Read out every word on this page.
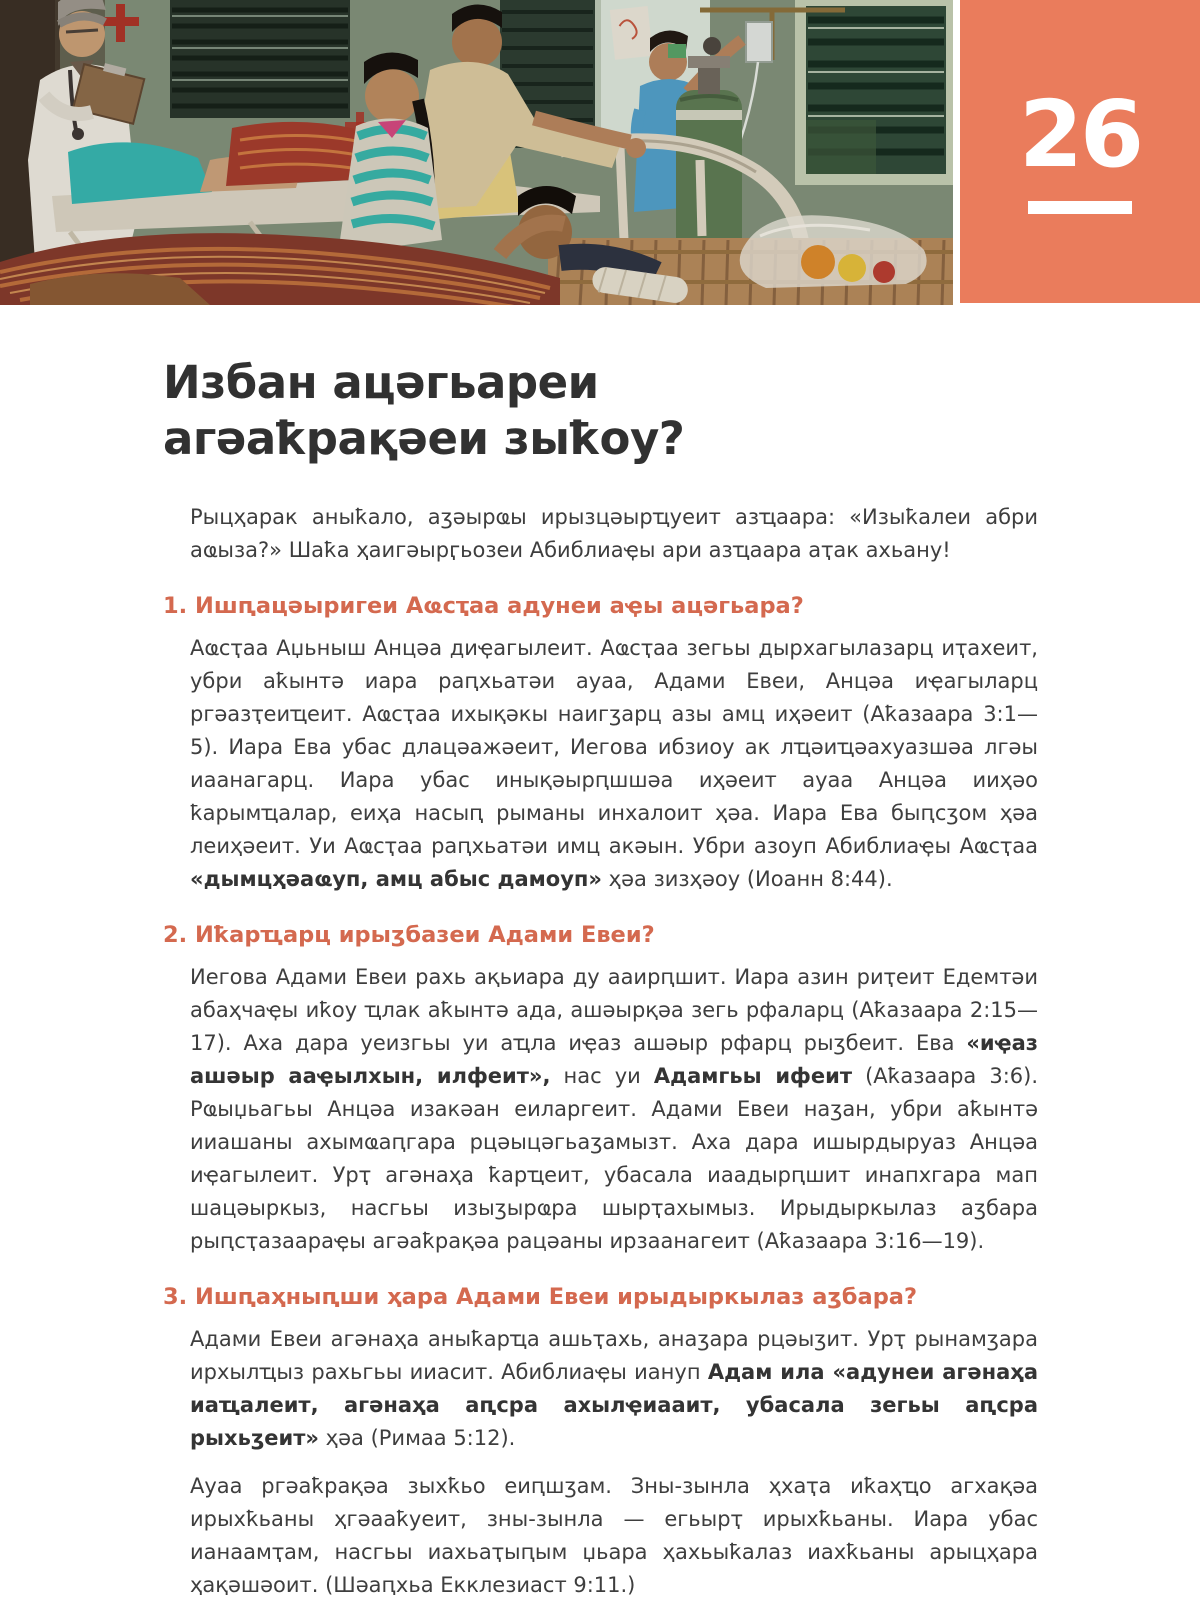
26
Избан ацәгьареи агәаҟрақәеи зыҟоу?

Рыцҳарак аныҟало, аӡәырҩы ирызцәырҵуеит азҵаара: «Изыҟалеи абри аҩыза?» Шаҟа ҳаигәырӷьозеи Абиблиаҿы ари азҵаара аҭак ахьану!

1. Ишԥацәыригеи Аҩсҭаа адунеи аҿы ацәгьара?

Аҩсҭаа Аџьныш Анцәа диҿагылеит. Аҩсҭаа зегьы дырхагылазарц иҭахеит, убри аҟынтә иара раԥхьатәи ауаа, Адами Евеи, Анцәа иҿагыларц ргәазҭеиҵеит. Аҩсҭаа ихықәкы наигӡарц азы амц иҳәеит (Аҟазаара 3:1—5). Иара Ева убас длацәажәеит, Иегова ибзиоу ак лҵәиҵәахуазшәа лгәы иаанагарц. Иара убас инықәырԥшшәа иҳәеит ауаа Анцәа ииҳәо ҟарымҵалар, еиҳа насыԥ рыманы инхалоит ҳәа. Иара Ева быԥсӡом ҳәа леиҳәеит. Уи Аҩсҭаа раԥхьатәи имц акәын. Убри азоуп Абиблиаҿы Аҩсҭаа «дымцҳәаҩуп, амц абыс дамоуп» ҳәа зизҳәоу (Иоанн 8:44).

2. Иҟарҵарц ирыӡбазеи Адами Евеи?

Иегова Адами Евеи рахь ақьиара ду ааирԥшит. Иара азин риҭеит Едемтәи абаҳчаҿы иҟоу ҵлак аҟынтә ада, ашәырқәа зегь рфаларц (Аҟазаара 2:15—17). Аха дара уеизгьы уи аҵла иҿаз ашәыр рфарц рыӡбеит. Ева «иҿаз ашәыр ааҿылхын, илфеит», нас уи Адамгьы ифеит (Аҟазаара 3:6). Рҩыџьагьы Анцәа изакәан еиларгеит. Адами Евеи наӡан, убри аҟынтә ииашаны ахымҩаԥгара рцәыцәгьаӡамызт. Аха дара ишырдыруаз Анцәа иҿагылеит. Урҭ агәнаҳа ҟарҵеит, убасала иаадырԥшит инапхгара мап шацәыркыз, насгьы изыӡырҩра шырҭахымыз. Ирыдыркылаз аӡбара рыԥсҭазаараҿы агәаҟрақәа рацәаны ирзаанагеит (Аҟазаара 3:16—19).

3. Ишԥаҳныԥши ҳара Адами Евеи ирыдыркылаз аӡбара?

Адами Евеи агәнаҳа аныҟарҵа ашьҭахь, анаӡара рцәыӡит. Урҭ рынамӡара ирхылҵыз рахьгьы ииасит. Абиблиаҿы иануп Адам ила «адунеи агәнаҳа иаҵалеит, агәнаҳа аԥсра ахылҿиааит, убасала зегьы аԥсра рыхьӡеит» ҳәа (Римаа 5:12).

Ауаа ргәаҟрақәа зыхҟьо еиԥшӡам. Зны-зынла ҳхаҭа иҟаҳҵо агхақәа ирыхҟьаны ҳгәааҟуеит, зны-зынла — егьырҭ ирыхҟьаны. Иара убас ианаамҭам, насгьы иахьаҭыԥым џьара ҳахьыҟалаз иахҟьаны арыцҳара ҳақәшәоит. (Шәаԥхьа Екклезиаст 9:11.)
